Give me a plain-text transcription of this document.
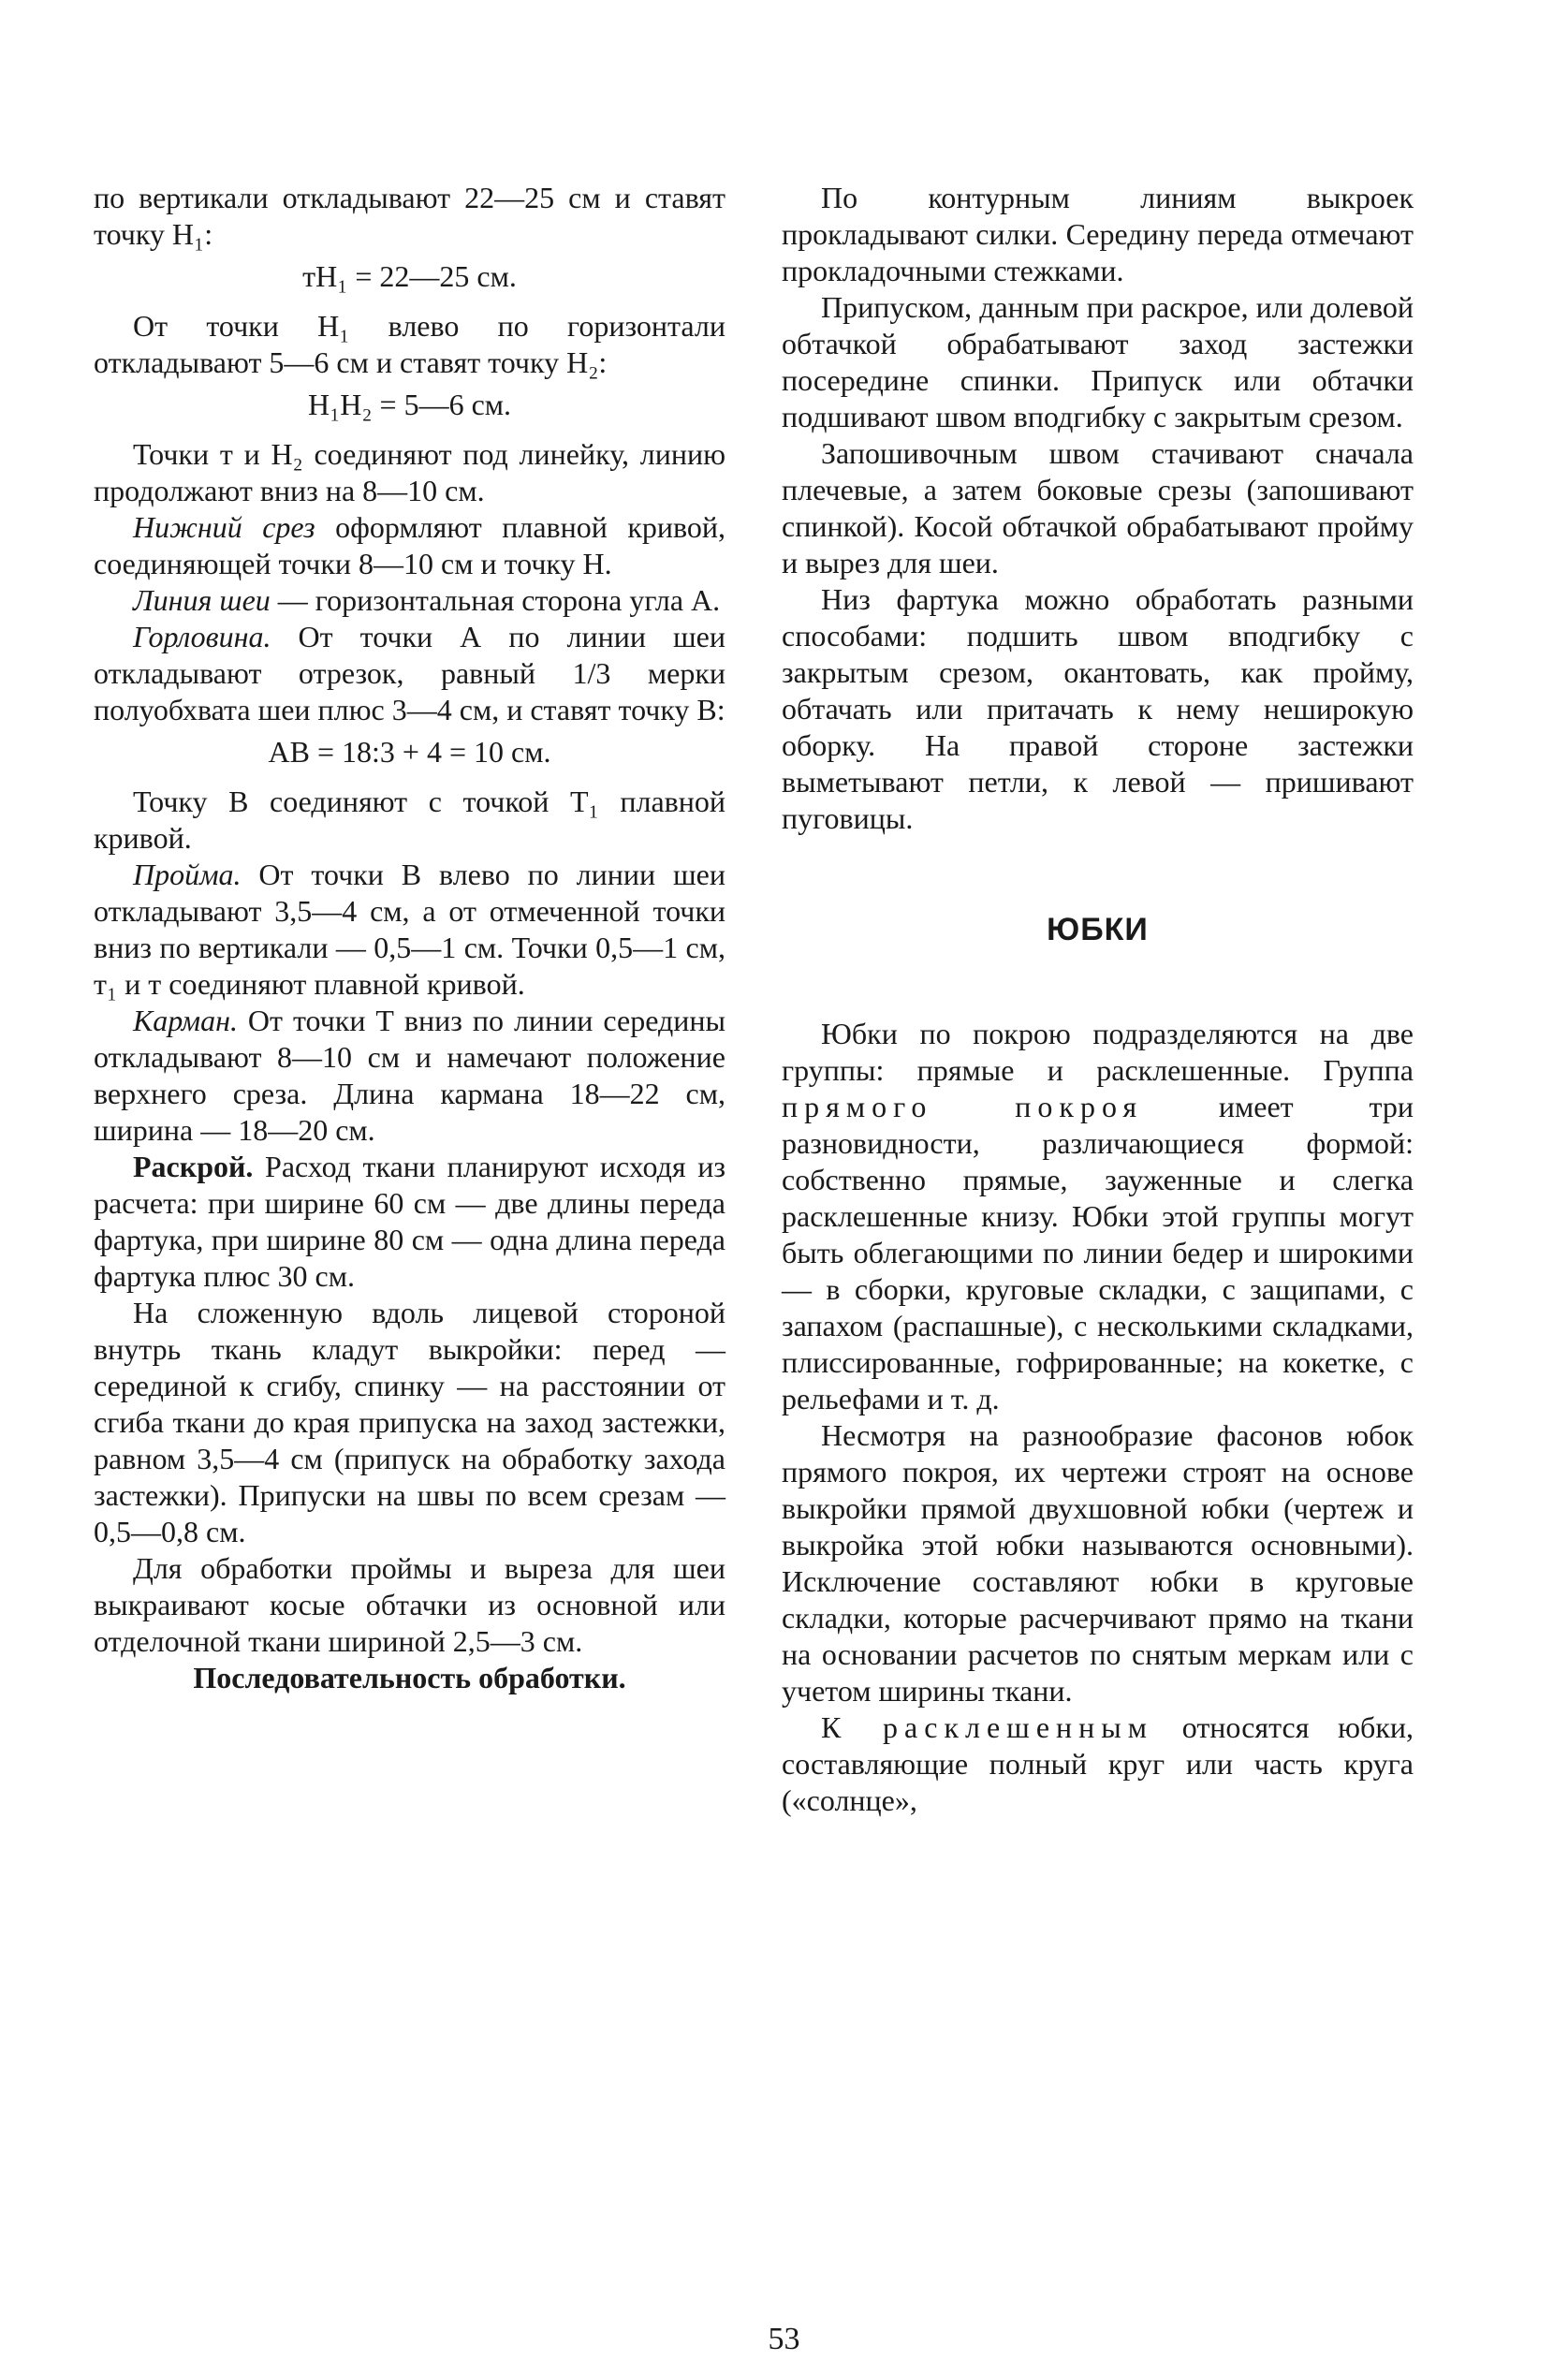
по вертикали откладывают 22—25 см и ставят точку Н₁:

тН₁ = 22—25 см.

От точки Н₁ влево по горизонтали откладывают 5—6 см и ставят точку Н₂:

Н₁Н₂ = 5—6 см.

Точки т и Н₂ соединяют под линейку, линию продолжают вниз на 8—10 см.

Нижний срез оформляют плавной кривой, соединяющей точки 8—10 см и точку Н.

Линия шеи — горизонтальная сторона угла А.

Горловина. От точки А по линии шеи откладывают отрезок, равный 1/3 мерки полуобхвата шеи плюс 3—4 см, и ставят точку В:

АВ = 18:3 + 4 = 10 см.

Точку В соединяют с точкой Т₁ плавной кривой.

Пройма. От точки В влево по линии шеи откладывают 3,5—4 см, а от отмеченной точки вниз по вертикали — 0,5—1 см. Точки 0,5—1 см, т₁ и т соединяют плавной кривой.

Карман. От точки Т вниз по линии середины откладывают 8—10 см и намечают положение верхнего среза. Длина кармана 18—22 см, ширина — 18—20 см.

Раскрой. Расход ткани планируют исходя из расчета: при ширине 60 см — две длины переда фартука, при ширине 80 см — одна длина переда фартука плюс 30 см.

На сложенную вдоль лицевой стороной внутрь ткань кладут выкройки: перед — серединой к сгибу, спинку — на расстоянии от сгиба ткани до края припуска на заход застежки, равном 3,5—4 см (припуск на обработку захода застежки). Припуски на швы по всем срезам — 0,5—0,8 см.

Для обработки проймы и выреза для шеи выкраивают косые обтачки из основной или отделочной ткани шириной 2,5—3 см.

Последовательность обработки.

По контурным линиям выкроек прокладывают силки. Середину переда отмечают прокладочными стежками.

Припуском, данным при раскрое, или долевой обтачкой обрабатывают заход застежки посередине спинки. Припуск или обтачки подшивают швом вподгибку с закрытым срезом.

Запошивочным швом стачивают сначала плечевые, а затем боковые срезы (запошивают спинкой). Косой обтачкой обрабатывают пройму и вырез для шеи.

Низ фартука можно обработать разными способами: подшить швом вподгибку с закрытым срезом, окантовать, как пройму, обтачать или притачать к нему неширокую оборку. На правой стороне застежки выметывают петли, к левой — пришивают пуговицы.

ЮБКИ

Юбки по покрою подразделяются на две группы: прямые и расклешенные. Группа прямого покроя имеет три разновидности, различающиеся формой: собственно прямые, зауженные и слегка расклешенные книзу. Юбки этой группы могут быть облегающими по линии бедер и широкими — в сборки, круговые складки, с защипами, с запахом (распашные), с несколькими складками, плиссированные, гофрированные; на кокетке, с рельефами и т. д.

Несмотря на разнообразие фасонов юбок прямого покроя, их чертежи строят на основе выкройки прямой двухшовной юбки (чертеж и выкройка этой юбки называются основными). Исключение составляют юбки в круговые складки, которые расчерчивают прямо на ткани на основании расчетов по снятым меркам или с учетом ширины ткани.

К расклешенным относятся юбки, составляющие полный круг или часть круга («солнце»,

53
